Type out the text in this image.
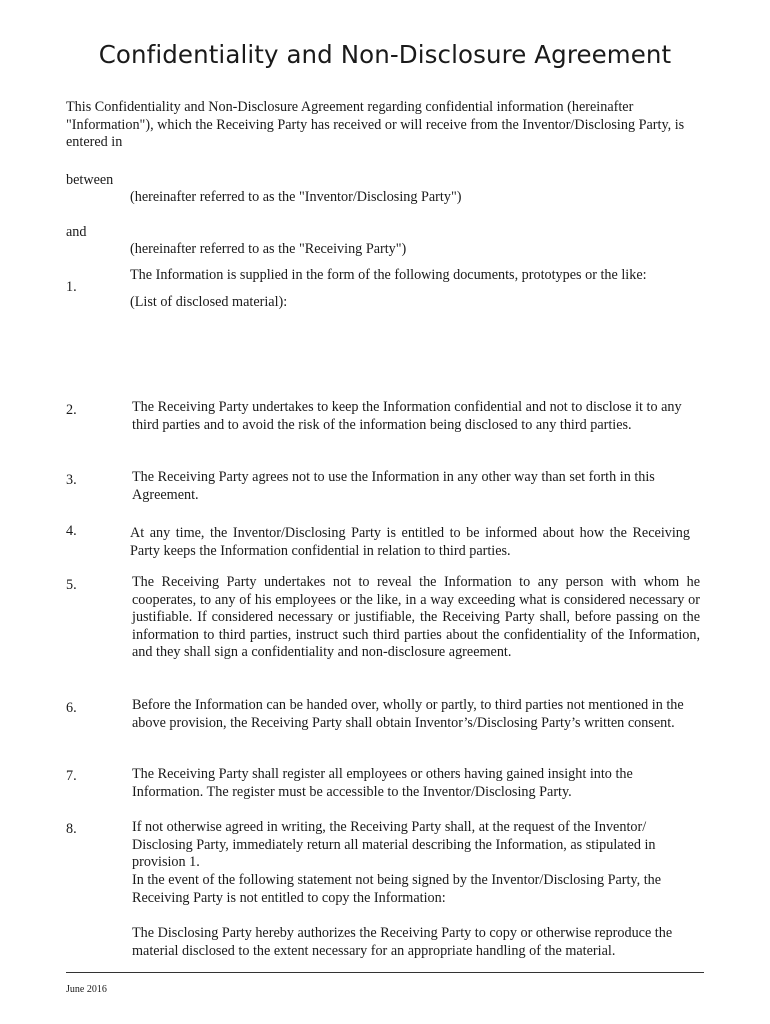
Confidentiality and Non-Disclosure Agreement
This Confidentiality and Non-Disclosure Agreement regarding confidential information (hereinafter "Information"), which the Receiving Party has received or will receive from the Inventor/Disclosing Party, is entered in
between
(hereinafter referred to as the "Inventor/Disclosing Party")
and
(hereinafter referred to as the "Receiving Party")
1.
The Information is supplied in the form of the following documents, prototypes or the like:
(List of disclosed material):
2.	The Receiving Party undertakes to keep the Information confidential and not to disclose it to any third parties and to avoid the risk of the information being disclosed to any third parties.
3.	The Receiving Party agrees not to use the Information in any other way than set forth in this Agreement.
4.	At any time, the Inventor/Disclosing Party is entitled to be informed about how the Receiving Party keeps the Information confidential in relation to third parties.
5.	The Receiving Party undertakes not to reveal the Information to any person with whom he cooperates, to any of his employees or the like, in a way exceeding what is considered necessary or justifiable. If considered necessary or justifiable, the Receiving Party shall, before passing on the information to third parties, instruct such third parties about the confidentiality of the Information, and they shall sign a confidentiality and non-disclosure agreement.
6.	Before the Information can be handed over, wholly or partly, to third parties not mentioned in the above provision, the Receiving Party shall obtain Inventor’s/Disclosing Party’s written consent.
7.	The Receiving Party shall register all employees or others having gained insight into the Information. The register must be accessible to the Inventor/Disclosing Party.
8.	If not otherwise agreed in writing, the Receiving Party shall, at the request of the Inventor/ Disclosing Party, immediately return all material describing the Information, as stipulated in provision 1.
In the event of the following statement not being signed by the Inventor/Disclosing Party, the Receiving Party is not entitled to copy the Information:
The Disclosing Party hereby authorizes the Receiving Party to copy or otherwise reproduce the material disclosed to the extent necessary for an appropriate handling of the material.
June 2016
